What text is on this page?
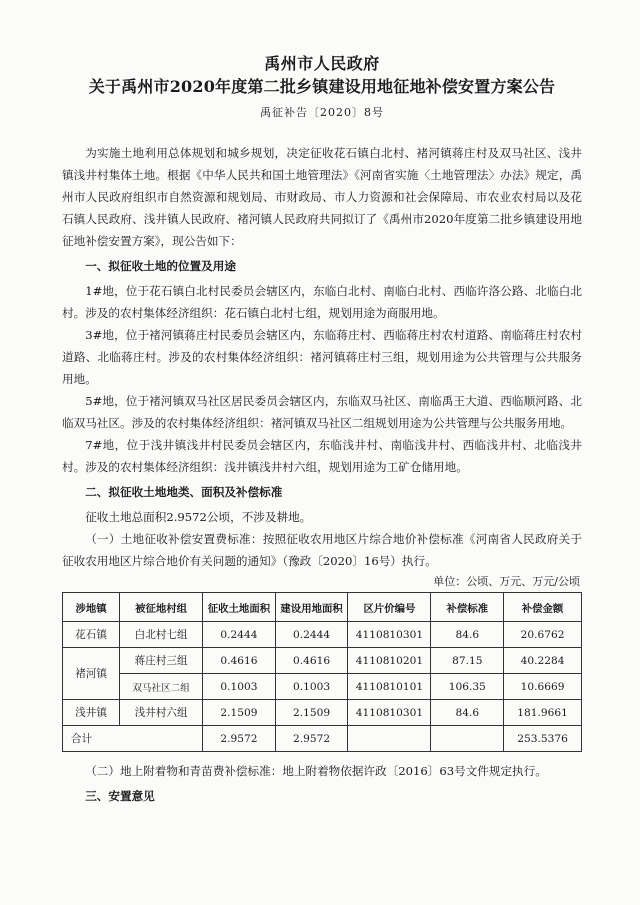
禹州市人民政府
关于禹州市2020年度第二批乡镇建设用地征地补偿安置方案公告
禹征补告〔2020〕8号

为实施土地利用总体规划和城乡规划，决定征收花石镇白北村、褚河镇蒋庄村及双马社区、浅井镇浅井村集体土地。根据《中华人民共和国土地管理法》《河南省实施〈土地管理法〉办法》规定，禹州市人民政府组织市自然资源和规划局、市财政局、市人力资源和社会保障局、市农业农村局以及花石镇人民政府、浅井镇人民政府、褚河镇人民政府共同拟订了《禹州市2020年度第二批乡镇建设用地征地补偿安置方案》，现公告如下：

一、拟征收土地的位置及用途

1#地，位于花石镇白北村民委员会辖区内，东临白北村、南临白北村、西临许洛公路、北临白北村。涉及的农村集体经济组织：花石镇白北村七组，规划用途为商服用地。

3#地，位于褚河镇蒋庄村民委员会辖区内，东临蒋庄村、西临蒋庄村农村道路、南临蒋庄村农村道路、北临蒋庄村。涉及的农村集体经济组织：褚河镇蒋庄村三组，规划用途为公共管理与公共服务用地。

5#地，位于褚河镇双马社区居民委员会辖区内，东临双马社区、南临禹王大道、西临顺河路、北临双马社区。涉及的农村集体经济组织：褚河镇双马社区二组规划用途为公共管理与公共服务用地。

7#地，位于浅井镇浅井村民委员会辖区内，东临浅井村、南临浅井村、西临浅井村、北临浅井村。涉及的农村集体经济组织：浅井镇浅井村六组，规划用途为工矿仓储用地。

二、拟征收土地地类、面积及补偿标准

征收土地总面积2.9572公顷，不涉及耕地。

（一）土地征收补偿安置费标准：按照征收农用地区片综合地价补偿标准《河南省人民政府关于征收农用地区片综合地价有关问题的通知》（豫政〔2020〕16号）执行。

单位：公顷、万元、万元/公顷
涉地镇	被征地村组	征收土地面积	建设用地面积	区片价编号	补偿标准	补偿金额
花石镇	白北村七组	0.2444	0.2444	4110810301	84.6	20.6762
褚河镇	蒋庄村三组	0.4616	0.4616	4110810201	87.15	40.2284
	双马社区二组	0.1003	0.1003	4110810101	106.35	10.6669
浅井镇	浅井村六组	2.1509	2.1509	4110810301	84.6	181.9661
合计		2.9572	2.9572			253.5376

（二）地上附着物和青苗费补偿标准：地上附着物依据许政〔2016〕63号文件规定执行。

三、安置意见
